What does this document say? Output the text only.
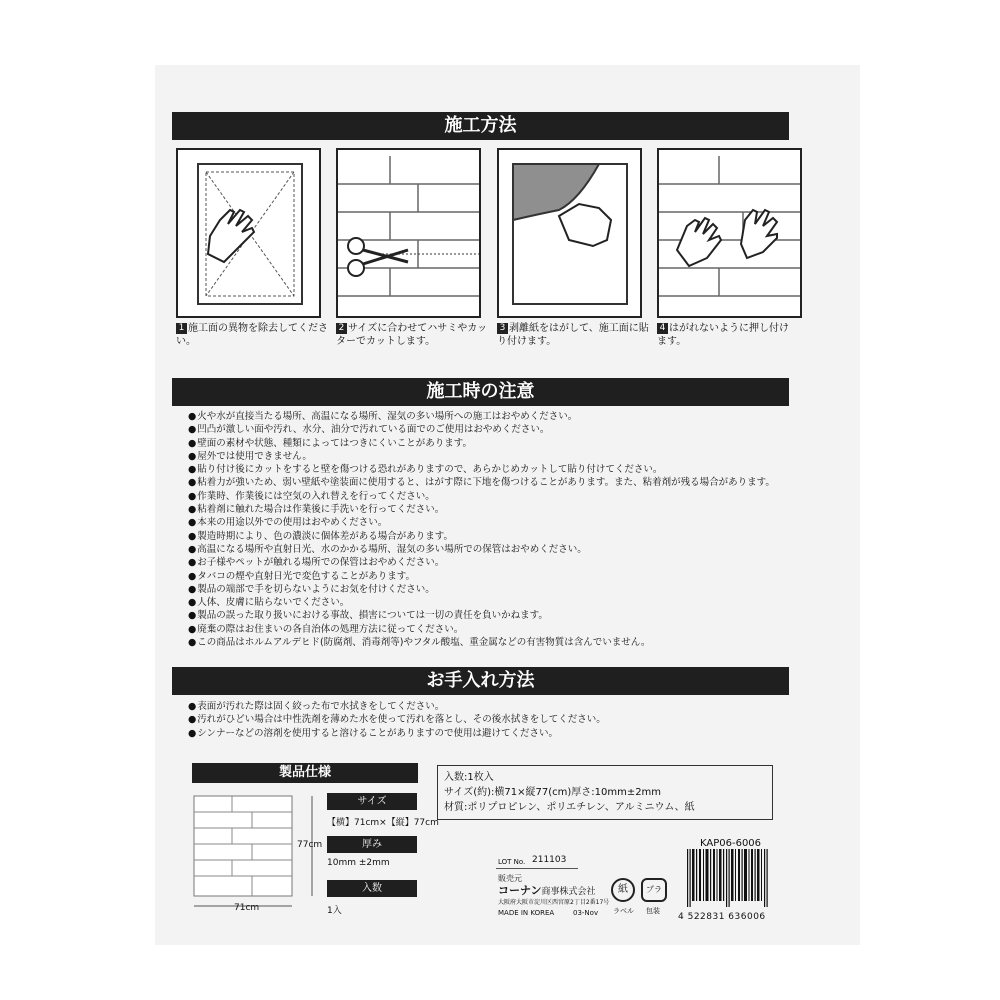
施工方法
1 施工面の異物を除去してください。
2 サイズに合わせてハサミやカッターでカットします。
3 剥離紙をはがして、施工面に貼り付けます。
4 はがれないように押し付けます。
施工時の注意
● 火や水が直接当たる場所、高温になる場所、湿気の多い場所への施工はおやめください。
● 凹凸が激しい面や汚れ、水分、油分で汚れている面でのご使用はおやめください。
● 壁面の素材や状態、種類によってはつきにくいことがあります。
● 屋外では使用できません。
● 貼り付け後にカットをすると壁を傷つける恐れがありますので、あらかじめカットして貼り付けてください。
● 粘着力が強いため、弱い壁紙や塗装面に使用すると、はがす際に下地を傷つけることがあります。また、粘着剤が残る場合があります。
● 作業時、作業後には空気の入れ替えを行ってください。
● 粘着剤に触れた場合は作業後に手洗いを行ってください。
● 本来の用途以外での使用はおやめください。
● 製造時期により、色の濃淡に個体差がある場合があります。
● 高温になる場所や直射日光、水のかかる場所、湿気の多い場所での保管はおやめください。
● お子様やペットが触れる場所での保管はおやめください。
● タバコの煙や直射日光で変色することがあります。
● 製品の端部で手を切らないようにお気を付けください。
● 人体、皮膚に貼らないでください。
● 製品の誤った取り扱いにおける事故、損害については一切の責任を負いかねます。
● 廃棄の際はお住まいの各自治体の処理方法に従ってください。
● この商品はホルムアルデヒド(防腐剤、消毒剤等)やフタル酸塩、重金属などの有害物質は含んでいません。
お手入れ方法
● 表面が汚れた際は固く絞った布で水拭きをしてください。
● 汚れがひどい場合は中性洗剤を薄めた水を使って汚れを落とし、その後水拭きをしてください。
● シンナーなどの溶剤を使用すると溶けることがありますので使用は避けてください。
製品仕様
77cm
71cm
サイズ
【横】71cm×【縦】77cm
厚み
10mm ±2mm
入数
1入
入数:1枚入
サイズ(約):横71×縦77(cm)厚さ:10mm±2mm
材質:ポリプロピレン、ポリエチレン、アルミニウム、紙
KAP06-6006
LOT No. 211103
販売元
コーナン商事株式会社
大阪府大阪市淀川区西宮原2丁目2番17号
MADE IN KOREA	03-Nov
紙
ラベル
プラ
包装
4 522831 636006
